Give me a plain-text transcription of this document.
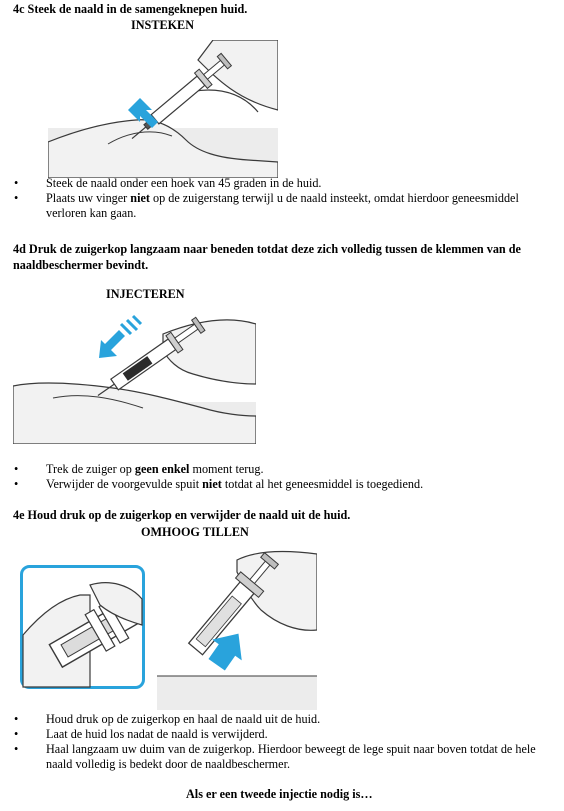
4c Steek de naald in de samengeknepen huid.
INSTEKEN
• Steek de naald onder een hoek van 45 graden in de huid.
• Plaats uw vinger niet op de zuigerstang terwijl u de naald insteekt, omdat hierdoor geneesmiddel verloren kan gaan.
4d Druk de zuigerkop langzaam naar beneden totdat deze zich volledig tussen de klemmen van de naaldbeschermer bevindt.
INJECTEREN
• Trek de zuiger op geen enkel moment terug.
• Verwijder de voorgevulde spuit niet totdat al het geneesmiddel is toegediend.
4e Houd druk op de zuigerkop en verwijder de naald uit de huid.
OMHOOG TILLEN
• Houd druk op de zuigerkop en haal de naald uit de huid.
• Laat de huid los nadat de naald is verwijderd.
• Haal langzaam uw duim van de zuigerkop. Hierdoor beweegt de lege spuit naar boven totdat de hele naald volledig is bedekt door de naaldbeschermer.
Als er een tweede injectie nodig is…
